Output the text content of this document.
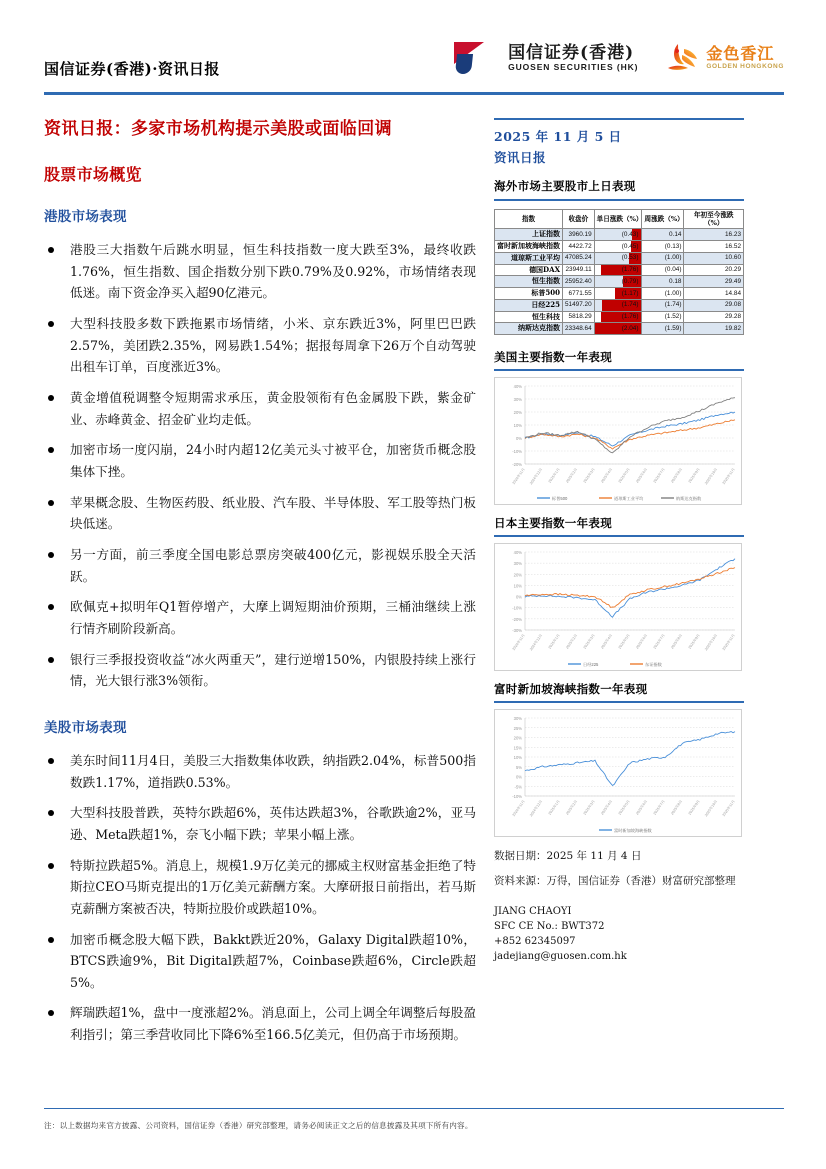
国信证券(香港)·资讯日报
国信证券(香港)
GUOSEN SECURITIES (HK)
金色香江
GOLDEN HONGKONG
资讯日报：多家市场机构提示美股或面临回调
股票市场概览
港股市场表现
港股三大指数午后跳水明显，恒生科技指数一度大跌至3%，最终收跌1.76%，恒生指数、国企指数分别下跌0.79%及0.92%，市场情绪表现低迷。南下资金净买入超90亿港元。
大型科技股多数下跌拖累市场情绪，小米、京东跌近3%，阿里巴巴跌2.57%，美团跌2.35%，网易跌1.54%；据报每周拿下26万个自动驾驶出租车订单，百度涨近3%。
黄金增值税调整令短期需求承压，黄金股领衔有色金属股下跌，紫金矿业、赤峰黄金、招金矿业均走低。
加密市场一度闪崩，24小时内超12亿美元头寸被平仓，加密货币概念股集体下挫。
苹果概念股、生物医药股、纸业股、汽车股、半导体股、军工股等热门板块低迷。
另一方面，前三季度全国电影总票房突破400亿元，影视娱乐股全天活跃。
欧佩克+拟明年Q1暂停增产，大摩上调短期油价预期，三桶油继续上涨行情齐刷阶段新高。
银行三季报投资收益“冰火两重天”，建行逆增150%，内银股持续上涨行情，光大银行涨3%领衔。
美股市场表现
美东时间11月4日，美股三大指数集体收跌，纳指跌2.04%，标普500指数跌1.17%，道指跌0.53%。
大型科技股普跌，英特尔跌超6%，英伟达跌超3%，谷歌跌逾2%，亚马逊、Meta跌超1%，奈飞小幅下跌；苹果小幅上涨。
特斯拉跌超5%。消息上，规模1.9万亿美元的挪威主权财富基金拒绝了特斯拉CEO马斯克提出的1万亿美元薪酬方案。大摩研报日前指出，若马斯克薪酬方案被否决，特斯拉股价或跌超10%。
加密币概念股大幅下跌，Bakkt跌近20%，Galaxy Digital跌超10%，BTCS跌逾9%，Bit Digital跌超7%，Coinbase跌超6%，Circle跌超5%。
辉瑞跌超1%，盘中一度涨超2%。消息面上，公司上调全年调整后每股盈利指引；第三季营收同比下降6%至166.5亿美元，但仍高于市场预期。
2025 年 11 月 5 日
资讯日报
海外市场主要股市上日表现
指数	收盘价	单日涨跌（%）	周涨跌（%）	年初至今涨跌（%）
上证指数	3960.19	(0.43)	0.14	16.23
富时新加坡海峡指数	4422.72	(0.45)	(0.13)	16.52
道琼斯工业平均	47085.24	(0.53)	(1.00)	10.60
德国DAX	23949.11	(1.76)	(0.04)	20.29
恒生指数	25952.40	(0.79)	0.18	29.49
标普500	6771.55	(1.17)	(1.00)	14.84
日经225	51497.20	(1.74)	(1.74)	29.08
恒生科技	5818.29	(1.76)	(1.52)	29.28
纳斯达克指数	23348.64	(2.04)	(1.59)	19.82
美国主要指数一年表现
-20%
-10%
0%
10%
20%
30%
40%
2024年11月 2024年12月 2025年1月 2025年2月 2025年3月 2025年4月 2025年5月 2025年6月 2025年7月 2025年8月 2025年9月 2025年10月 2025年11月
标普500	道琼斯工业平均	纳斯达克指数
日本主要指数一年表现
-30%
-20%
-10%
0%
10%
20%
30%
40%
2024年11月 2024年12月 2025年1月 2025年2月 2025年3月 2025年4月 2025年5月 2025年6月 2025年7月 2025年8月 2025年9月 2025年10月 2025年11月
日经225	东证指数
富时新加坡海峡指数一年表现
-10%
-5%
0%
5%
10%
15%
20%
25%
30%
2024年11月 2024年12月 2025年1月 2025年2月 2025年3月 2025年4月 2025年5月 2025年6月 2025年7月 2025年8月 2025年9月 2025年10月 2025年11月
富时新加坡海峡指数
数据日期：2025 年 11 月 4 日
资料来源：万得，国信证券（香港）财富研究部整理
JIANG CHAOYI
SFC CE No.: BWT372
+852 62345097
jadejiang@guosen.com.hk
注：以上数据均来官方披露、公司资料，国信证券（香港）研究部整理，请务必阅读正文之后的信息披露及其项下所有内容。
